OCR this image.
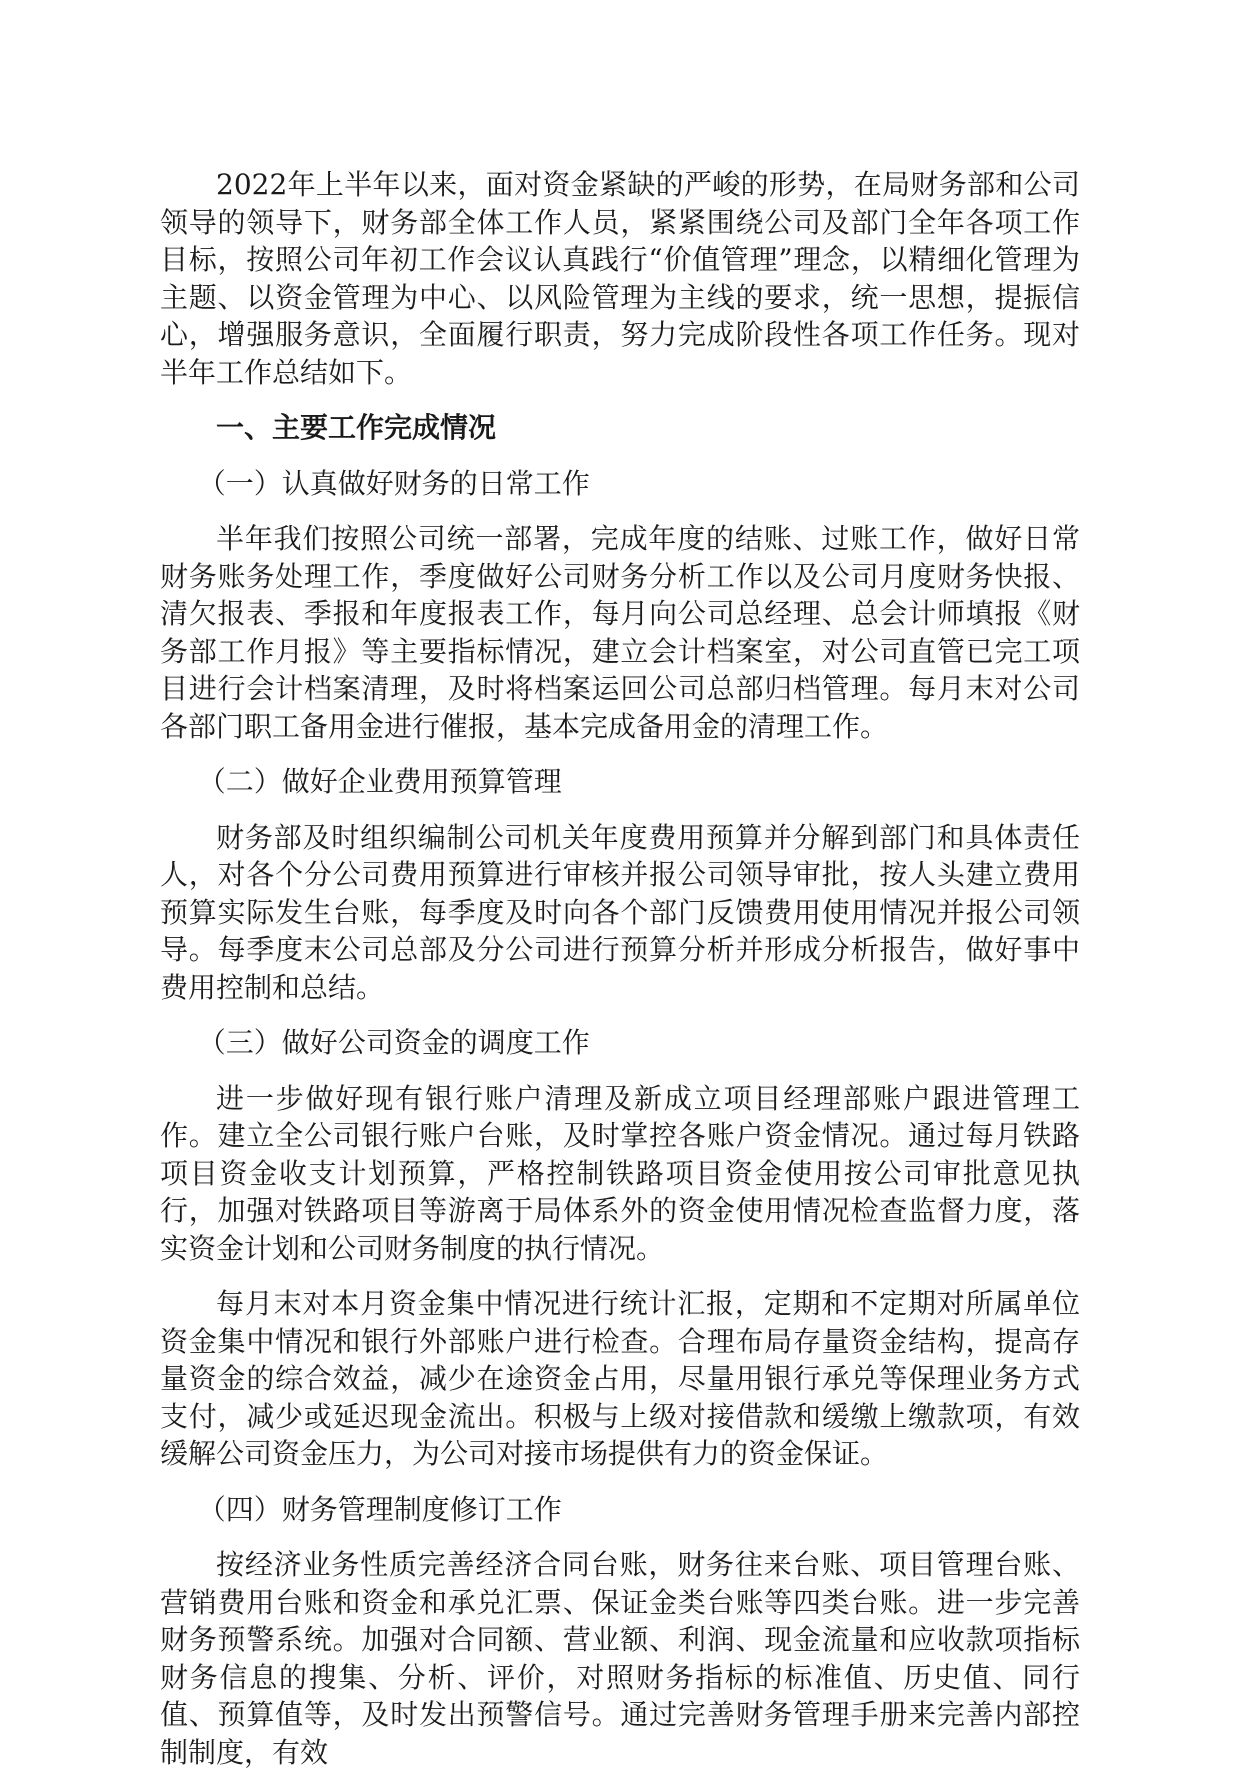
2022年上半年以来，面对资金紧缺的严峻的形势，在局财务部和公司领导的领导下，财务部全体工作人员，紧紧围绕公司及部门全年各项工作目标，按照公司年初工作会议认真践行“价值管理”理念，以精细化管理为主题、以资金管理为中心、以风险管理为主线的要求，统一思想，提振信心，增强服务意识，全面履行职责，努力完成阶段性各项工作任务。现对半年工作总结如下。

一、主要工作完成情况

（一）认真做好财务的日常工作

半年我们按照公司统一部署，完成年度的结账、过账工作，做好日常财务账务处理工作，季度做好公司财务分析工作以及公司月度财务快报、清欠报表、季报和年度报表工作，每月向公司总经理、总会计师填报《财务部工作月报》等主要指标情况，建立会计档案室，对公司直管已完工项目进行会计档案清理，及时将档案运回公司总部归档管理。每月末对公司各部门职工备用金进行催报，基本完成备用金的清理工作。

（二）做好企业费用预算管理

财务部及时组织编制公司机关年度费用预算并分解到部门和具体责任人，对各个分公司费用预算进行审核并报公司领导审批，按人头建立费用预算实际发生台账，每季度及时向各个部门反馈费用使用情况并报公司领导。每季度末公司总部及分公司进行预算分析并形成分析报告，做好事中费用控制和总结。

（三）做好公司资金的调度工作

进一步做好现有银行账户清理及新成立项目经理部账户跟进管理工作。建立全公司银行账户台账，及时掌控各账户资金情况。通过每月铁路项目资金收支计划预算，严格控制铁路项目资金使用按公司审批意见执行，加强对铁路项目等游离于局体系外的资金使用情况检查监督力度，落实资金计划和公司财务制度的执行情况。

每月末对本月资金集中情况进行统计汇报，定期和不定期对所属单位资金集中情况和银行外部账户进行检查。合理布局存量资金结构，提高存量资金的综合效益，减少在途资金占用，尽量用银行承兑等保理业务方式支付，减少或延迟现金流出。积极与上级对接借款和缓缴上缴款项，有效缓解公司资金压力，为公司对接市场提供有力的资金保证。

（四）财务管理制度修订工作

按经济业务性质完善经济合同台账，财务往来台账、项目管理台账、营销费用台账和资金和承兑汇票、保证金类台账等四类台账。进一步完善财务预警系统。加强对合同额、营业额、利润、现金流量和应收款项指标财务信息的搜集、分析、评价，对照财务指标的标准值、历史值、同行值、预算值等，及时发出预警信号。通过完善财务管理手册来完善内部控制制度，有效
